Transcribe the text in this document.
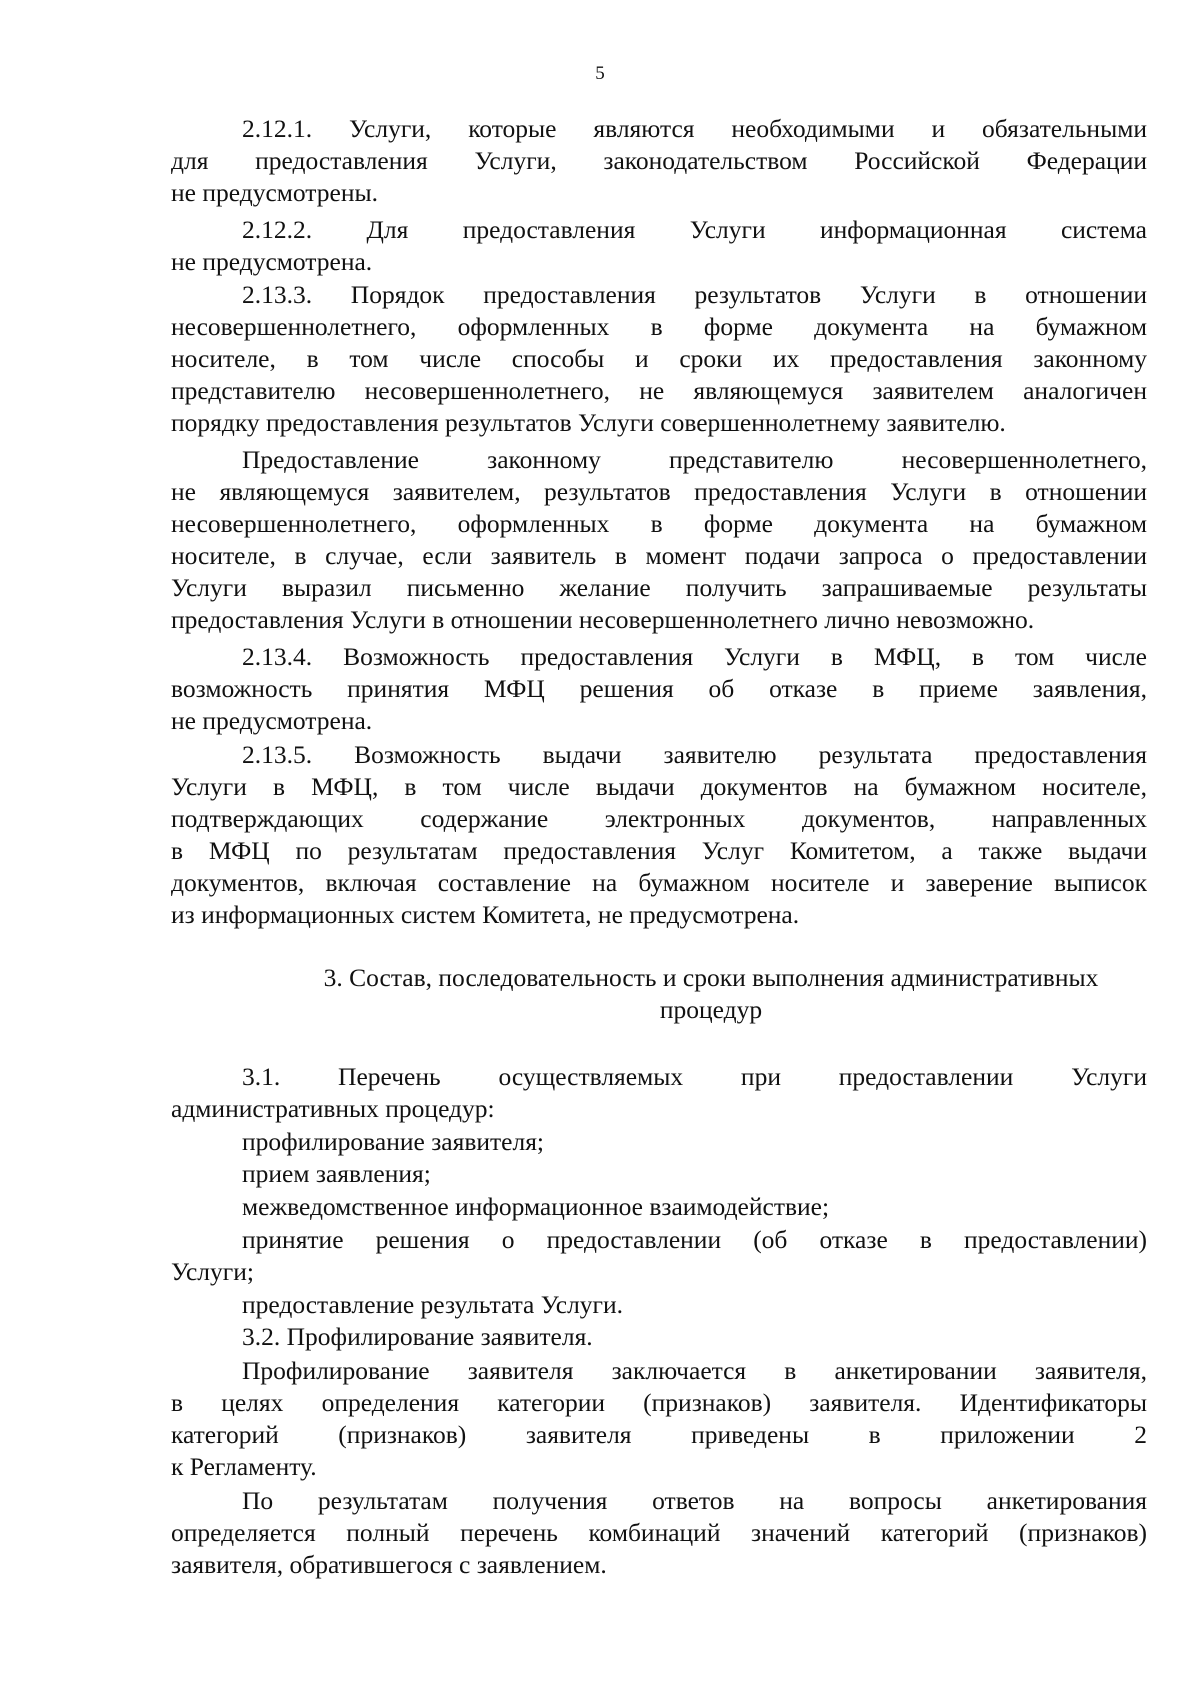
5
2.12.1. Услуги, которые являются необходимыми и обязательными
для предоставления Услуги, законодательством Российской Федерации
не предусмотрены.
2.12.2. Для предоставления Услуги информационная система
не предусмотрена.
2.13.3. Порядок предоставления результатов Услуги в отношении
несовершеннолетнего, оформленных в форме документа на бумажном
носителе, в том числе способы и сроки их предоставления законному
представителю несовершеннолетнего, не являющемуся заявителем аналогичен
порядку предоставления результатов Услуги совершеннолетнему заявителю.
Предоставление законному представителю несовершеннолетнего,
не являющемуся заявителем, результатов предоставления Услуги в отношении
несовершеннолетнего, оформленных в форме документа на бумажном
носителе, в случае, если заявитель в момент подачи запроса о предоставлении
Услуги выразил письменно желание получить запрашиваемые результаты
предоставления Услуги в отношении несовершеннолетнего лично невозможно.
2.13.4. Возможность предоставления Услуги в МФЦ, в том числе
возможность принятия МФЦ решения об отказе в приеме заявления,
не предусмотрена.
2.13.5. Возможность выдачи заявителю результата предоставления
Услуги в МФЦ, в том числе выдачи документов на бумажном носителе,
подтверждающих содержание электронных документов, направленных
в МФЦ по результатам предоставления Услуг Комитетом, а также выдачи
документов, включая составление на бумажном носителе и заверение выписок
из информационных систем Комитета, не предусмотрена.
3. Состав, последовательность и сроки выполнения административных
процедур
3.1. Перечень осуществляемых при предоставлении Услуги
административных процедур:
профилирование заявителя;
прием заявления;
межведомственное информационное взаимодействие;
принятие решения о предоставлении (об отказе в предоставлении)
Услуги;
предоставление результата Услуги.
3.2. Профилирование заявителя.
Профилирование заявителя заключается в анкетировании заявителя,
в целях определения категории (признаков) заявителя. Идентификаторы
категорий (признаков) заявителя приведены в приложении 2
к Регламенту.
По результатам получения ответов на вопросы анкетирования
определяется полный перечень комбинаций значений категорий (признаков)
заявителя, обратившегося с заявлением.
